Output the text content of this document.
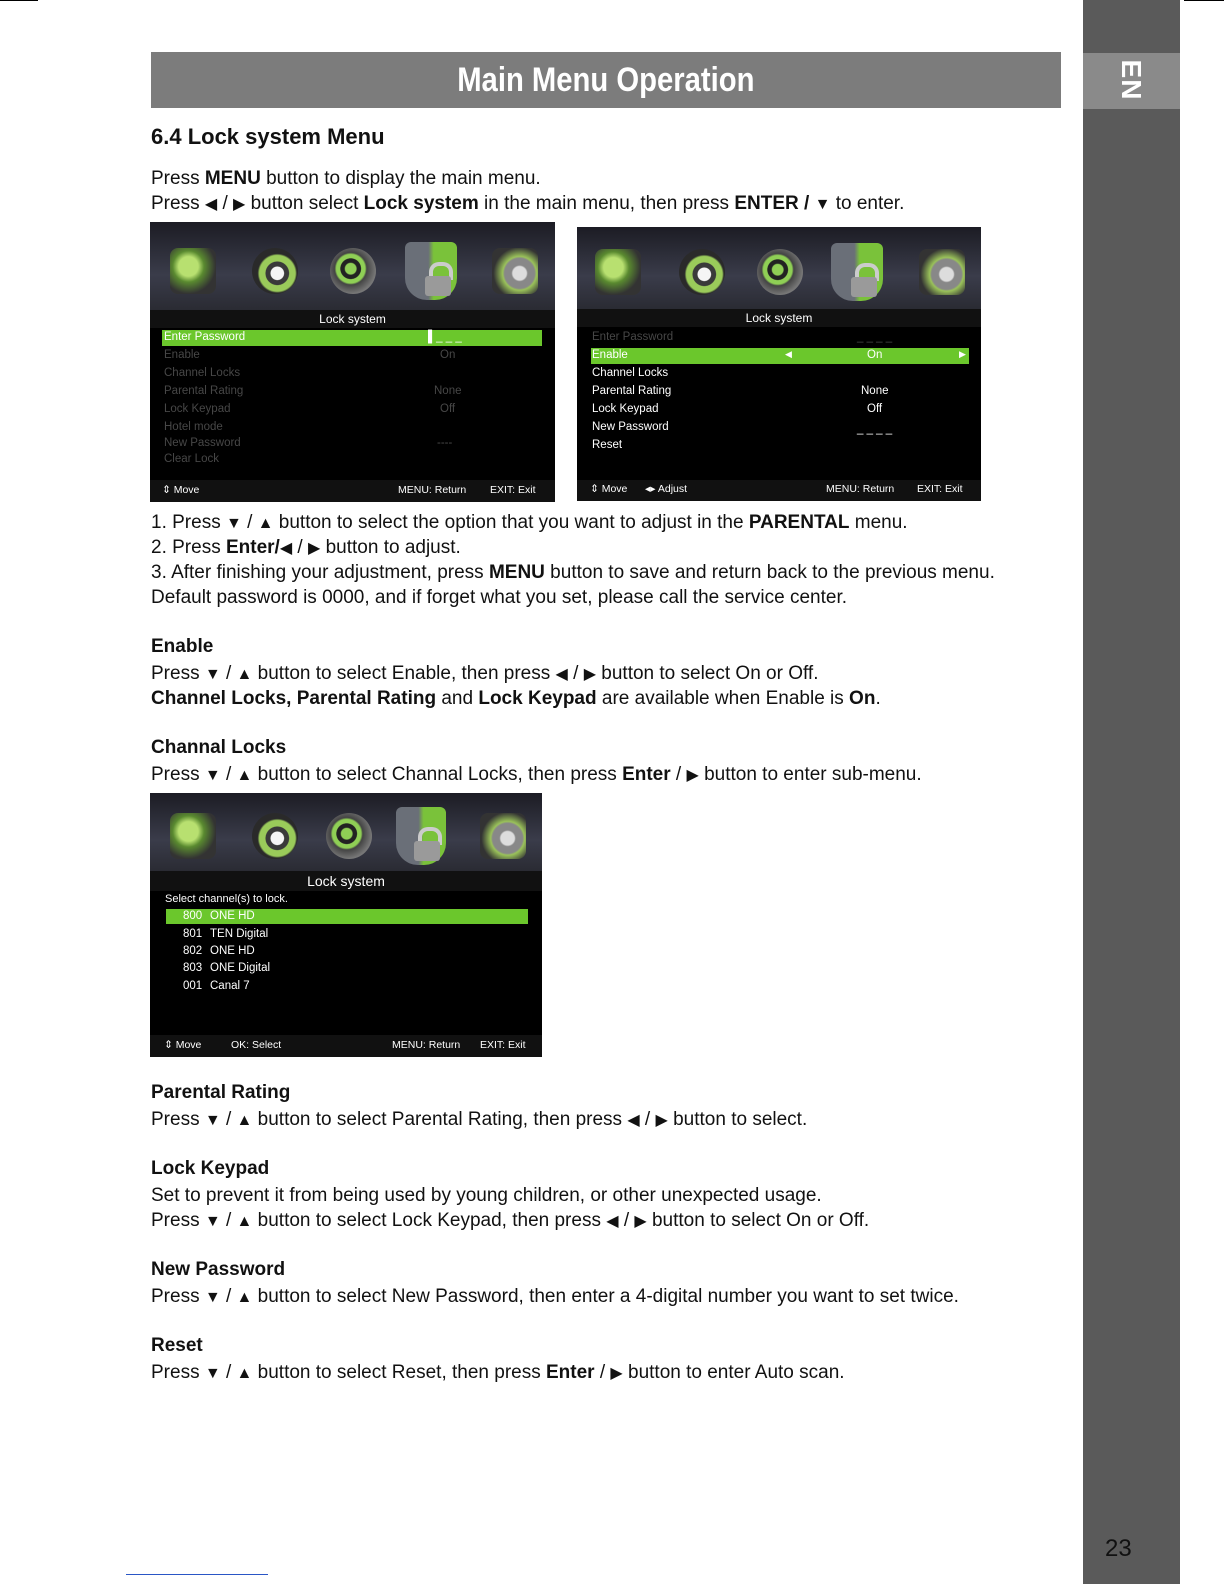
EN
23
Main Menu Operation
6.4 Lock system Menu
Press MENU button to display the main menu.
Press ◀ / ▶ button select Lock system in the main menu, then press ENTER / ▼ to enter.
Lock system
Enter Password	▌_ _ _
Enable	On
Channel Locks
Parental Rating	None
Lock Keypad	Off
Hotel mode
New Password	----
Clear Lock
⇕ Move	MENU: Return EXIT: Exit
Lock system
Enter Password	_ _ _ _
Enable	◀	On	▶
Channel Locks
Parental Rating	None
Lock Keypad	Off
New Password	_ _ _ _
Reset
⇕ Move ◂▸ Adjust	MENU: Return EXIT: Exit
1. Press ▼ / ▲ button to select the option that you want to adjust in the PARENTAL menu.
2. Press Enter/◀ / ▶ button to adjust.
3. After finishing your adjustment, press MENU button to save and return back to the previous menu.
Default password is 0000, and if forget what you set, please call the service center.
Enable
Press ▼ / ▲ button to select Enable, then press ◀ / ▶ button to select On or Off.
Channel Locks, Parental Rating and Lock Keypad are available when Enable is On.
Channal Locks
Press ▼ / ▲ button to select Channal Locks, then press Enter / ▶ button to enter sub-menu.
Lock system
Select channel(s) to lock.
800 ONE HD
801 TEN Digital
802 ONE HD
803 ONE Digital
001 Canal 7
⇕ Move	OK: Select	MENU: Return EXIT: Exit
Parental Rating
Press ▼ / ▲ button to select Parental Rating, then press ◀ / ▶ button to select.
Lock Keypad
Set to prevent it from being used by young children, or other unexpected usage.
Press ▼ / ▲ button to select Lock Keypad, then press ◀ / ▶ button to select On or Off.
New Password
Press ▼ / ▲ button to select New Password, then enter a 4-digital number you want to set twice.
Reset
Press ▼ / ▲ button to select Reset, then press Enter / ▶ button to enter Auto scan.
